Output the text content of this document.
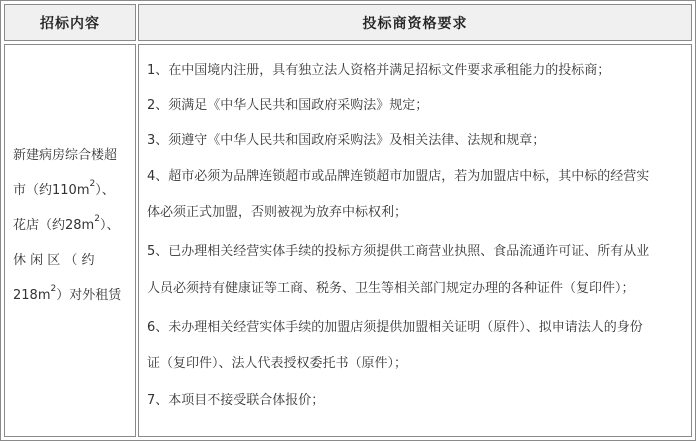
招标内容	投标商资格要求
新建病房综合楼超
市（约$110m^2$）、
花店（约$28m^2$）、
休 闲 区 （ 约
$218m^2$）对外租赁
1、在中国境内注册，具有独立法人资格并满足招标文件要求承租能力的投标商；
2、须满足《中华人民共和国政府采购法》规定；
3、须遵守《中华人民共和国政府采购法》及相关法律、法规和规章；
4、超市必须为品牌连锁超市或品牌连锁超市加盟店，若为加盟店中标，其中标的经营实
体必须正式加盟，否则被视为放弃中标权利；
5、已办理相关经营实体手续的投标方须提供工商营业执照、食品流通许可证、所有从业
人员必须持有健康证等工商、税务、卫生等相关部门规定办理的各种证件（复印件）；
6、未办理相关经营实体手续的加盟店须提供加盟相关证明（原件）、拟申请法人的身份
证（复印件）、法人代表授权委托书（原件）；
7、本项目不接受联合体报价；
